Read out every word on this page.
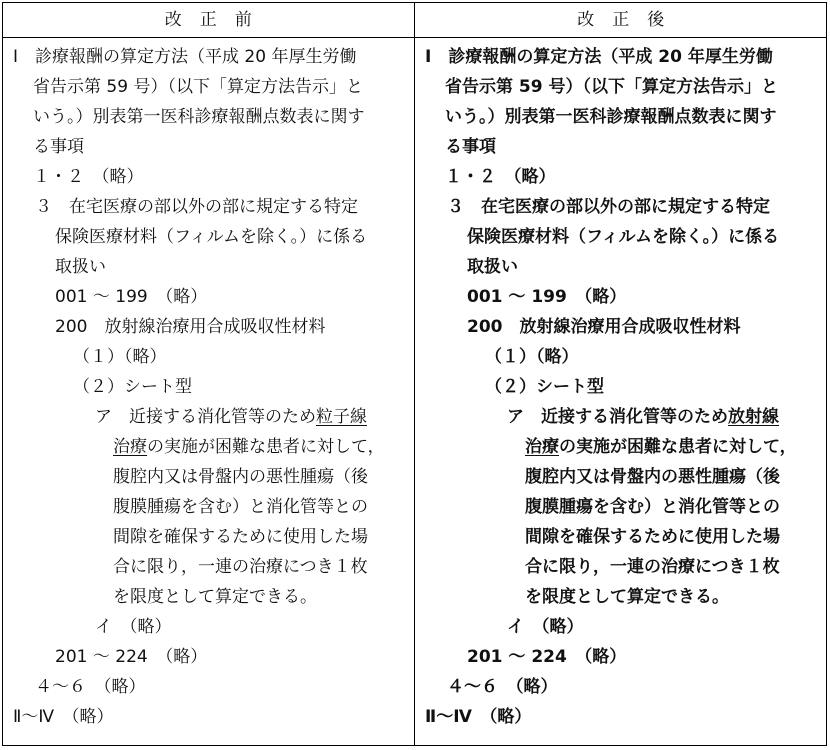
改　正　前	改　正　後
Ⅰ　診療報酬の算定方法（平成 20 年厚生労働
省告示第 59 号）（以下「算定方法告示」と
いう。）別表第一医科診療報酬点数表に関す
る事項
１・２　（略）
３　在宅医療の部以外の部に規定する特定
保険医療材料（フィルムを除く。）に係る
取扱い
001 ～ 199　（略）
200　放射線治療用合成吸収性材料
（１）（略）
（２）シート型
ア　近接する消化管等のため粒子線
治療の実施が困難な患者に対して，
腹腔内又は骨盤内の悪性腫瘍（後
腹膜腫瘍を含む）と消化管等との
間隙を確保するために使用した場
合に限り，一連の治療につき１枚
を限度として算定できる。
イ　（略）
201 ～ 224　（略）
４～６　（略）
Ⅱ～Ⅳ　（略）
Ⅰ　診療報酬の算定方法（平成 20 年厚生労働
省告示第 59 号）（以下「算定方法告示」と
いう。）別表第一医科診療報酬点数表に関す
る事項
１・２　（略）
３　在宅医療の部以外の部に規定する特定
保険医療材料（フィルムを除く。）に係る
取扱い
001 ～ 199　（略）
200　放射線治療用合成吸収性材料
（１）（略）
（２）シート型
ア　近接する消化管等のため放射線
治療の実施が困難な患者に対して，
腹腔内又は骨盤内の悪性腫瘍（後
腹膜腫瘍を含む）と消化管等との
間隙を確保するために使用した場
合に限り，一連の治療につき１枚
を限度として算定できる。
イ　（略）
201 ～ 224　（略）
４～６　（略）
Ⅱ～Ⅳ　（略）
